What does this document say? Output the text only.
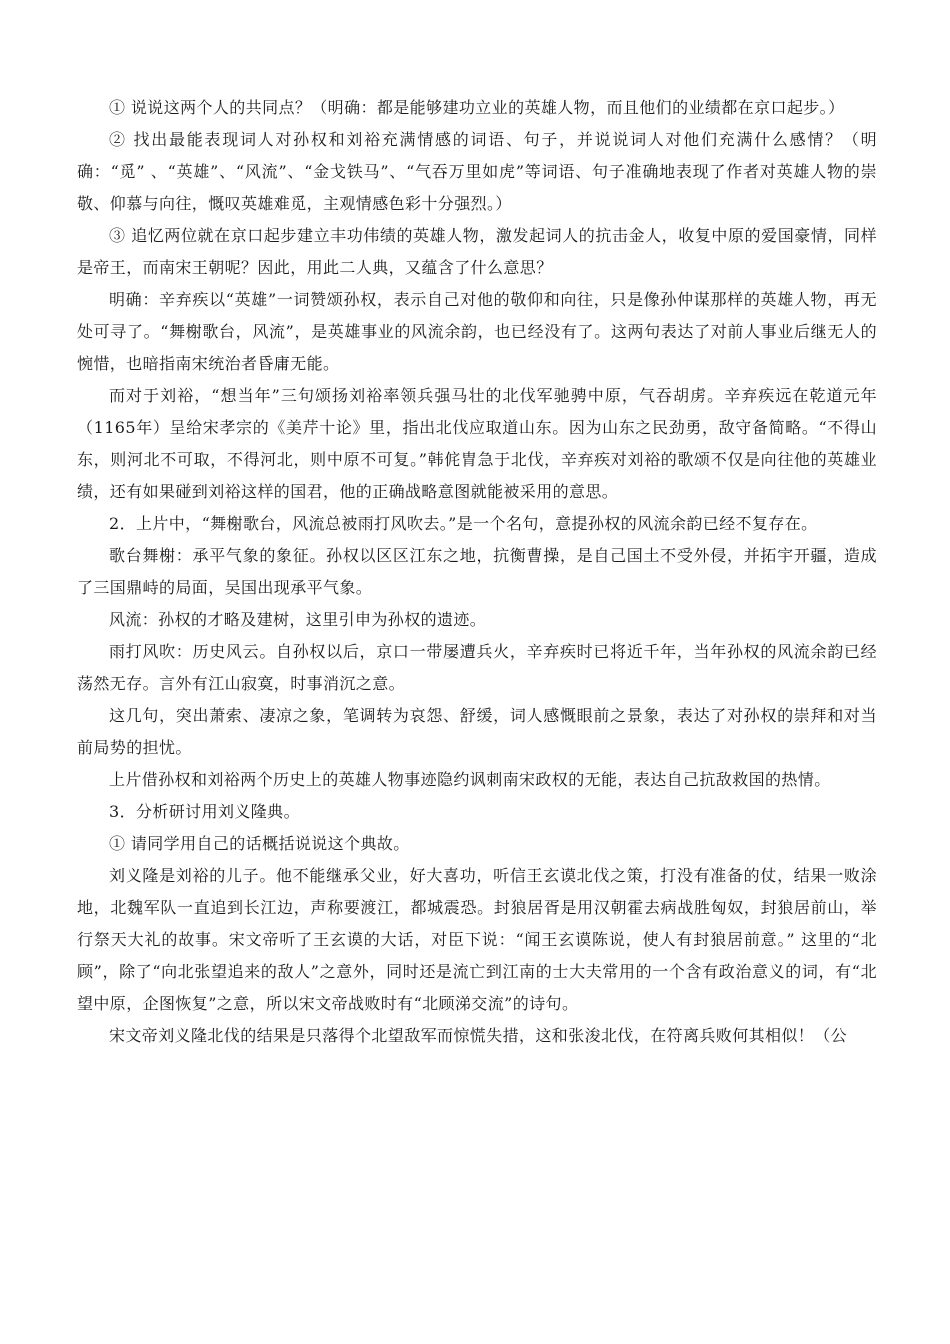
① 说说这两个人的共同点？（明确：都是能够建功立业的英雄人物，而且他们的业绩都在京口起步。）

② 找出最能表现词人对孙权和刘裕充满情感的词语、句子，并说说词人对他们充满什么感情？（明确：“觅” 、“英雄”、“风流”、“金戈铁马”、“气吞万里如虎”等词语、句子准确地表现了作者对英雄人物的崇敬、仰慕与向往，慨叹英雄难觅，主观情感色彩十分强烈。）

③ 追忆两位就在京口起步建立丰功伟绩的英雄人物，激发起词人的抗击金人，收复中原的爱国豪情，同样是帝王，而南宋王朝呢？因此，用此二人典，又蕴含了什么意思？

明确：辛弃疾以“英雄”一词赞颂孙权，表示自己对他的敬仰和向往，只是像孙仲谋那样的英雄人物，再无处可寻了。“舞榭歌台，风流”，是英雄事业的风流余韵，也已经没有了。这两句表达了对前人事业后继无人的惋惜，也暗指南宋统治者昏庸无能。

而对于刘裕，“想当年”三句颂扬刘裕率领兵强马壮的北伐军驰骋中原，气吞胡虏。辛弃疾远在乾道元年（1165年）呈给宋孝宗的《美芹十论》里，指出北伐应取道山东。因为山东之民劲勇，敌守备简略。“不得山东，则河北不可取，不得河北，则中原不可复。”韩侂胄急于北伐，辛弃疾对刘裕的歌颂不仅是向往他的英雄业绩，还有如果碰到刘裕这样的国君，他的正确战略意图就能被采用的意思。

2．上片中，“舞榭歌台，风流总被雨打风吹去。”是一个名句，意提孙权的风流余韵已经不复存在。

歌台舞榭：承平气象的象征。孙权以区区江东之地，抗衡曹操，是自己国土不受外侵，并拓宇开疆，造成了三国鼎峙的局面，吴国出现承平气象。

风流：孙权的才略及建树，这里引申为孙权的遗迹。

雨打风吹：历史风云。自孙权以后，京口一带屡遭兵火，辛弃疾时已将近千年，当年孙权的风流余韵已经荡然无存。言外有江山寂寞，时事消沉之意。

这几句，突出萧索、凄凉之象，笔调转为哀怨、舒缓，词人感慨眼前之景象，表达了对孙权的崇拜和对当前局势的担忧。

上片借孙权和刘裕两个历史上的英雄人物事迹隐约讽刺南宋政权的无能，表达自己抗敌救国的热情。

3．分析研讨用刘义隆典。

① 请同学用自己的话概括说说这个典故。

刘义隆是刘裕的儿子。他不能继承父业，好大喜功，听信王玄谟北伐之策，打没有准备的仗，结果一败涂地，北魏军队一直追到长江边，声称要渡江，都城震恐。封狼居胥是用汉朝霍去病战胜匈奴，封狼居前山，举行祭天大礼的故事。宋文帝听了王玄谟的大话，对臣下说：“闻王玄谟陈说，使人有封狼居前意。” 这里的“北顾”，除了“向北张望追来的敌人”之意外，同时还是流亡到江南的士大夫常用的一个含有政治意义的词，有“北望中原，企图恢复”之意，所以宋文帝战败时有“北顾涕交流”的诗句。

宋文帝刘义隆北伐的结果是只落得个北望敌军而惊慌失措，这和张浚北伐，在符离兵败何其相似！（公
